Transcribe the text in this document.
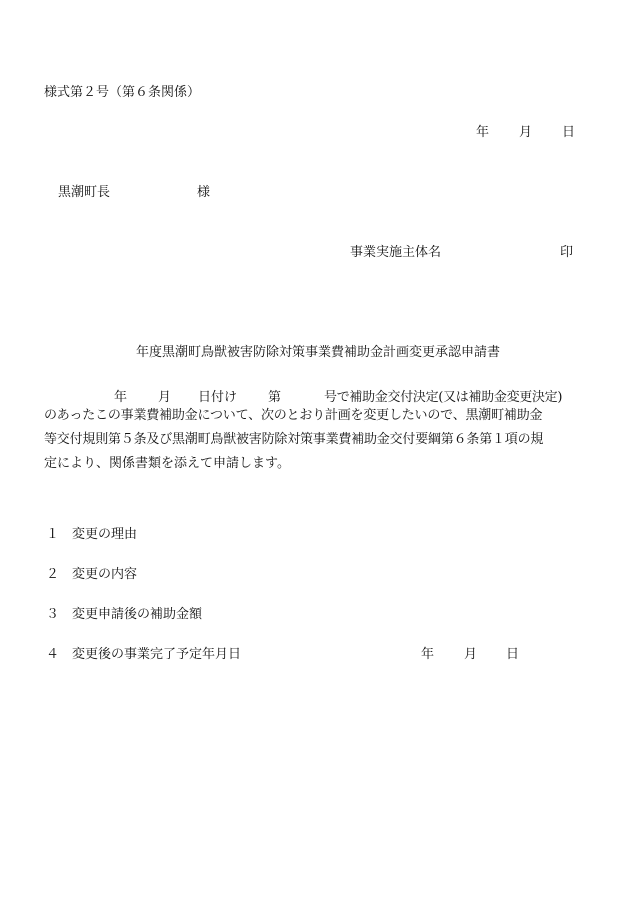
様式第２号（第６条関係）
年 月 日
黒潮町長	様
事業実施主体名	印
年度黒潮町鳥獣被害防除対策事業費補助金計画変更承認申請書
年 月 日付け 第	号で補助金交付決定(又は補助金変更決定)

のあったこの事業費補助金について、次のとおり計画を変更したいので、黒潮町補助金

等交付規則第５条及び黒潮町鳥獣被害防除対策事業費補助金交付要綱第６条第１項の規

定により、関係書類を添えて申請します。

１ 変更の理由
２ 変更の内容
３ 変更申請後の補助金額
４ 変更後の事業完了予定年月日	年 月 日
